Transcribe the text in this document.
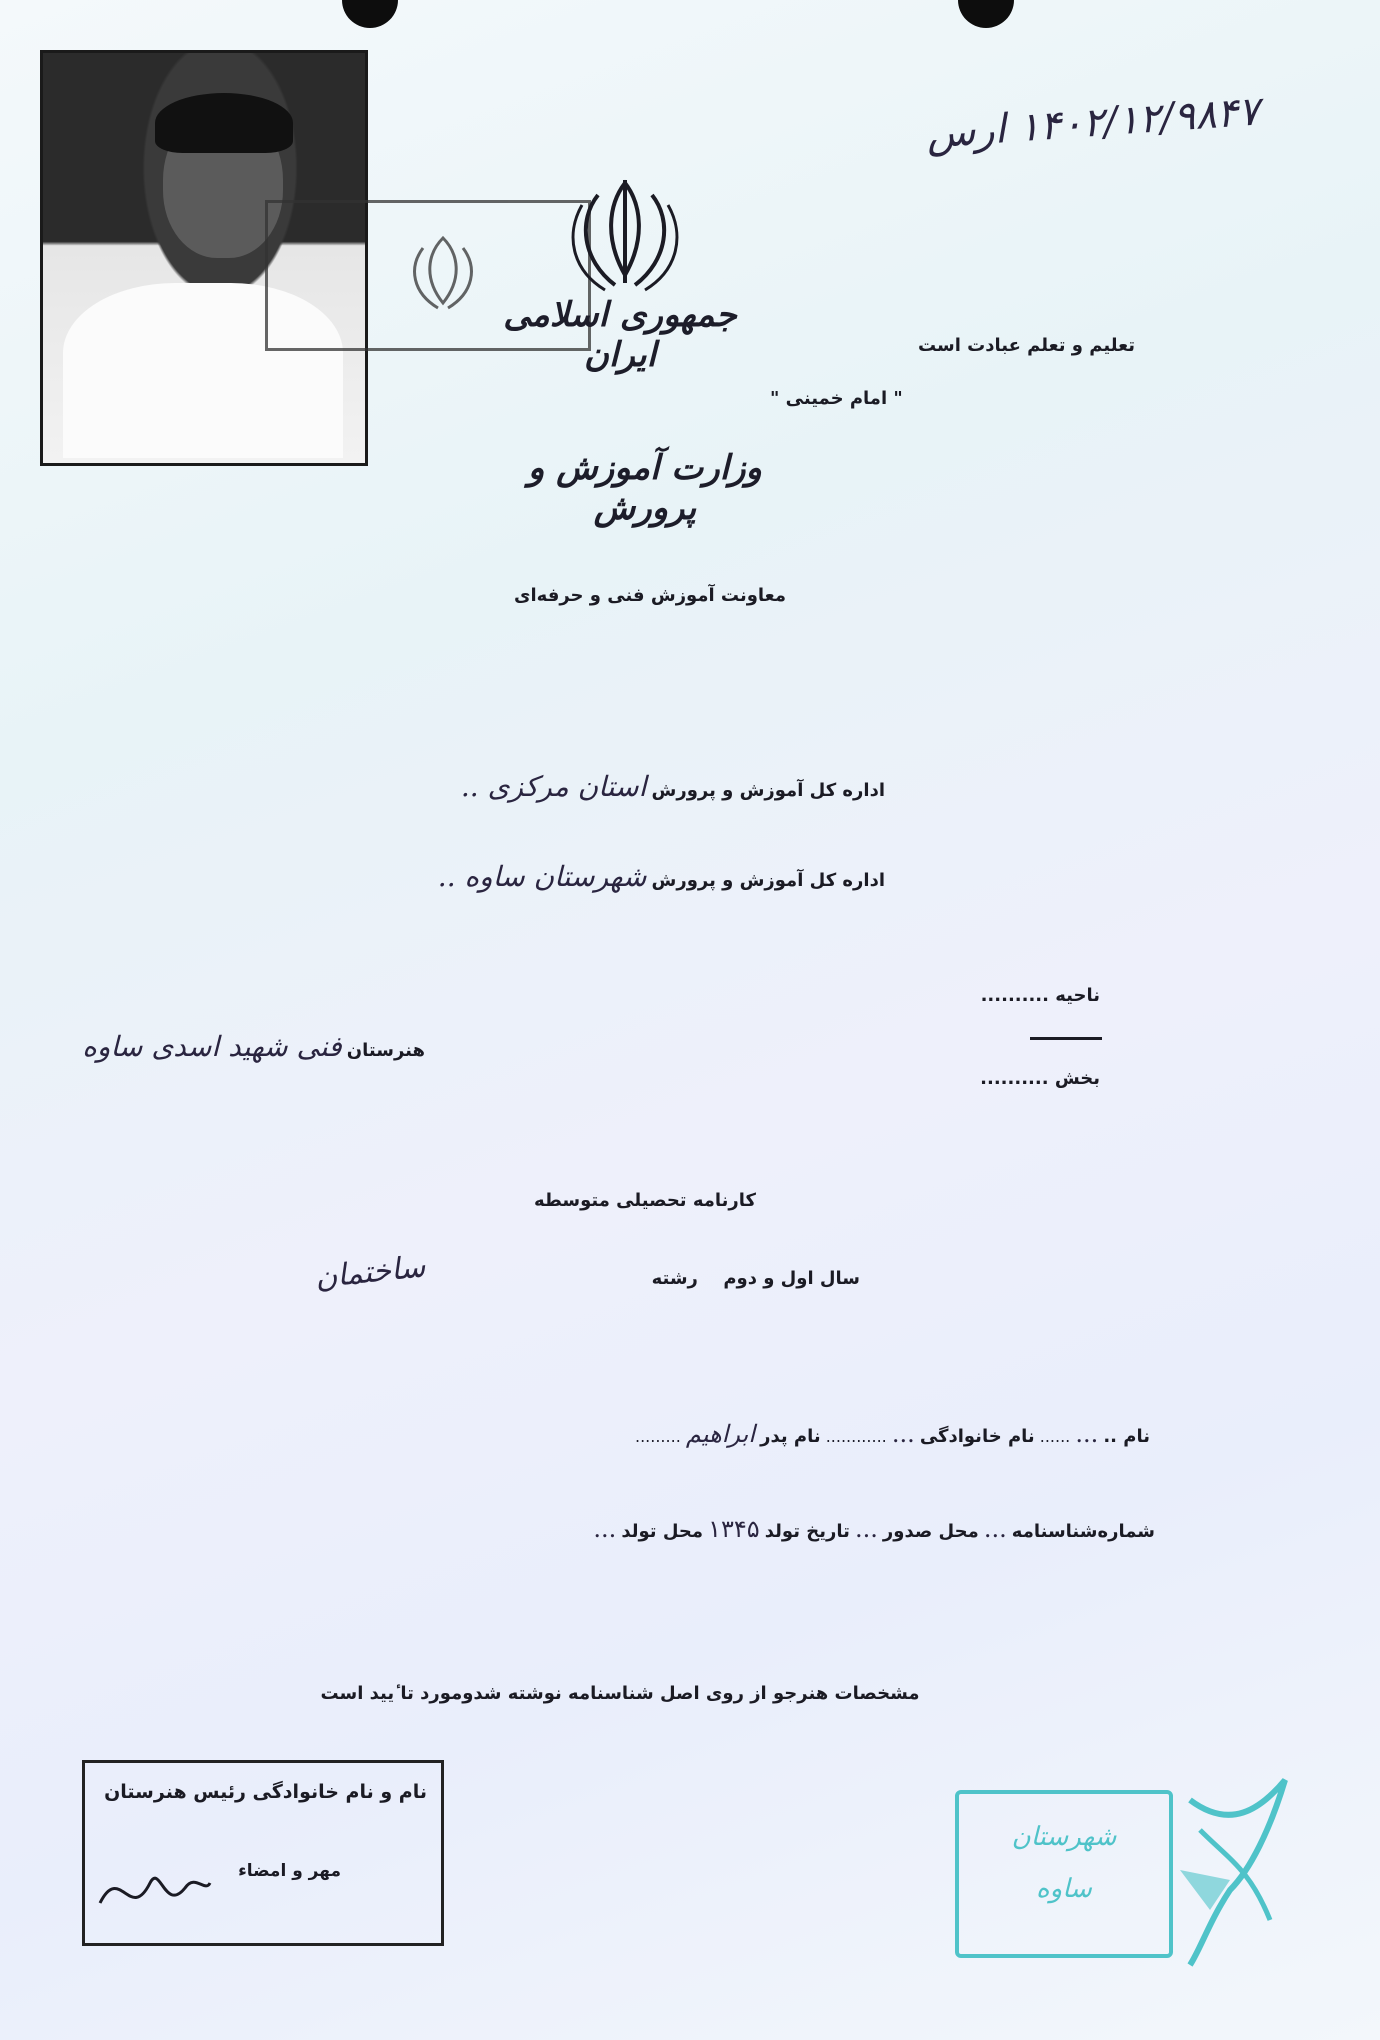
۱۴۰۲/۱۲/۹۸۴۷ ارس
جمهوری اسلامی ایران	تعلیم و تعلم عبادت است
" امام خمینی "
وزارت آموزش و پرورش
معاونت آموزش فنی و حرفه‌ای
اداره کل آموزش و پرورش استان مرکزی ..
اداره کل آموزش و پرورش شهرستان ساوه ..
ناحیه ..........
بخش ..........
هنرستان فنی شهید اسدی ساوه
کارنامه تحصیلی متوسطه
سال اول و دوم     رشته
ساختمان
نام .. ... ...... نام خانوادگی ... ............ نام پدر ابراهیم .........
شماره‌شناسنامه ... محل صدور ... تاریخ تولد ۱۳۴۵ محل تولد ...
مشخصات هنرجو از روی اصل شناسنامه نوشته شدومورد تا ٔیید است
نام و نام خانوادگی رئیس هنرستان
مهر و امضاء
شهرستان
ساوه
